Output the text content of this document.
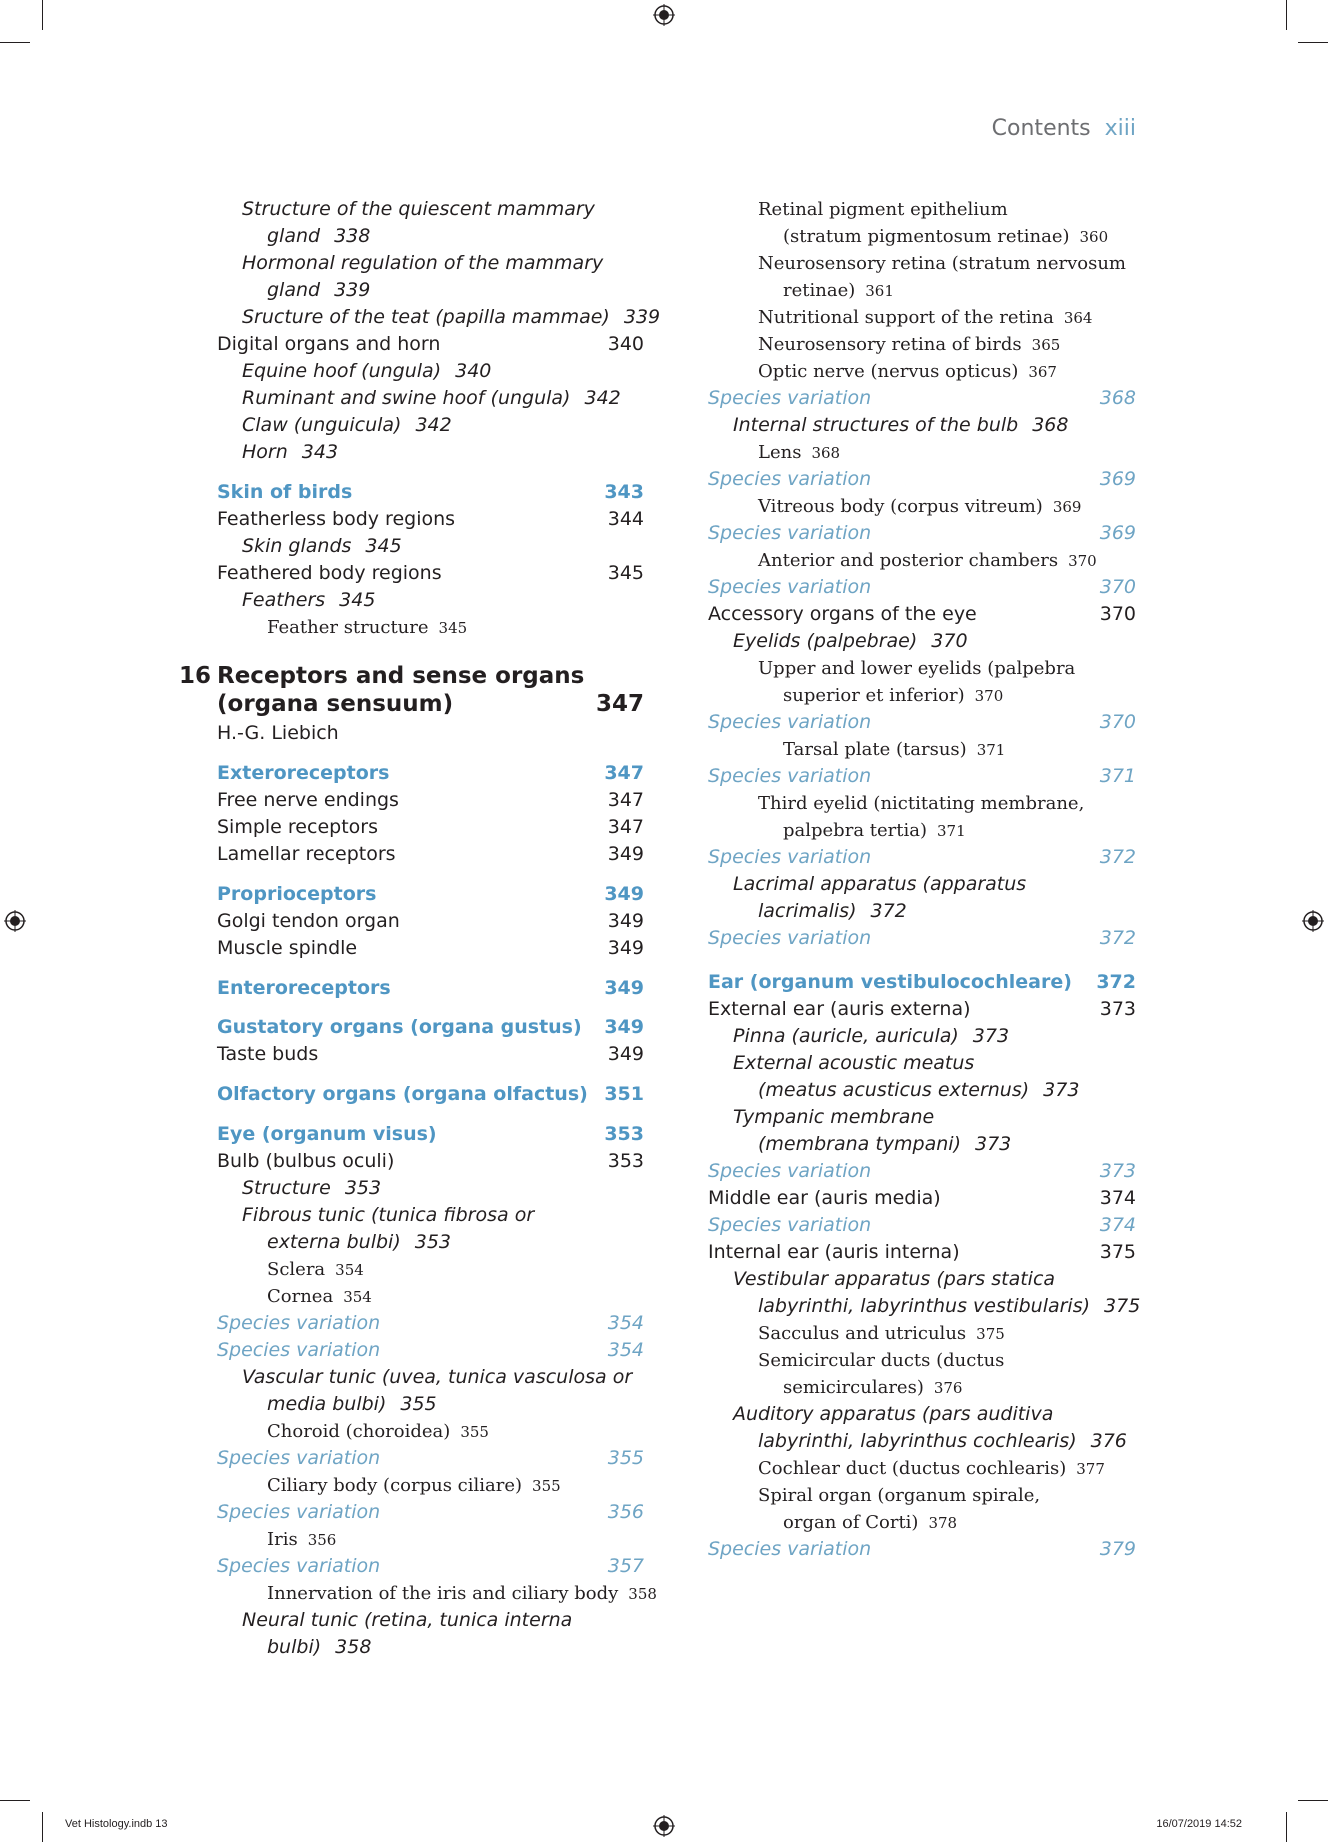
Contents xiii
Structure of the quiescent mammary
gland 338
Hormonal regulation of the mammary
gland 339
Sructure of the teat (papilla mammae) 339
Digital organs and horn	340
Equine hoof (ungula) 340
Ruminant and swine hoof (ungula) 342
Claw (unguicula) 342
Horn 343
Skin of birds	343
Featherless body regions	344
Skin glands 345
Feathered body regions	345
Feathers 345
Feather structure 345
16 Receptors and sense organs
(organa sensuum)	347
H.-G. Liebich
Exteroreceptors	347
Free nerve endings	347
Simple receptors	347
Lamellar receptors	349
Proprioceptors	349
Golgi tendon organ	349
Muscle spindle	349
Enteroreceptors	349
Gustatory organs (organa gustus) 349
Taste buds	349
Olfactory organs (organa olfactus) 351
Eye (organum visus)	353
Bulb (bulbus oculi)	353
Structure 353
Fibrous tunic (tunica fibrosa or
externa bulbi) 353
Sclera 354
Cornea 354
Species variation	354
Species variation	354
Vascular tunic (uvea, tunica vasculosa or
media bulbi) 355
Choroid (choroidea) 355
Species variation	355
Ciliary body (corpus ciliare) 355
Species variation	356
Iris 356
Species variation	357
Innervation of the iris and ciliary body 358
Neural tunic (retina, tunica interna
bulbi) 358
Retinal pigment epithelium
(stratum pigmentosum retinae) 360
Neurosensory retina (stratum nervosum
retinae) 361
Nutritional support of the retina 364
Neurosensory retina of birds 365
Optic nerve (nervus opticus) 367
Species variation	368
Internal structures of the bulb 368
Lens 368
Species variation	369
Vitreous body (corpus vitreum) 369
Species variation	369
Anterior and posterior chambers 370
Species variation	370
Accessory organs of the eye	370
Eyelids (palpebrae) 370
Upper and lower eyelids (palpebra
superior et inferior) 370
Species variation	370
Tarsal plate (tarsus) 371
Species variation	371
Third eyelid (nictitating membrane,
palpebra tertia) 371
Species variation	372
Lacrimal apparatus (apparatus
lacrimalis) 372
Species variation	372
Ear (organum vestibulocochleare) 372
External ear (auris externa)	373
Pinna (auricle, auricula) 373
External acoustic meatus
(meatus acusticus externus) 373
Tympanic membrane
(membrana tympani) 373
Species variation	373
Middle ear (auris media)	374
Species variation	374
Internal ear (auris interna)	375
Vestibular apparatus (pars statica
labyrinthi, labyrinthus vestibularis) 375
Sacculus and utriculus 375
Semicircular ducts (ductus
semicirculares) 376
Auditory apparatus (pars auditiva
labyrinthi, labyrinthus cochlearis) 376
Cochlear duct (ductus cochlearis) 377
Spiral organ (organum spirale,
organ of Corti) 378
Species variation	379
Vet Histology.indb 13	16/07/2019 14:52
